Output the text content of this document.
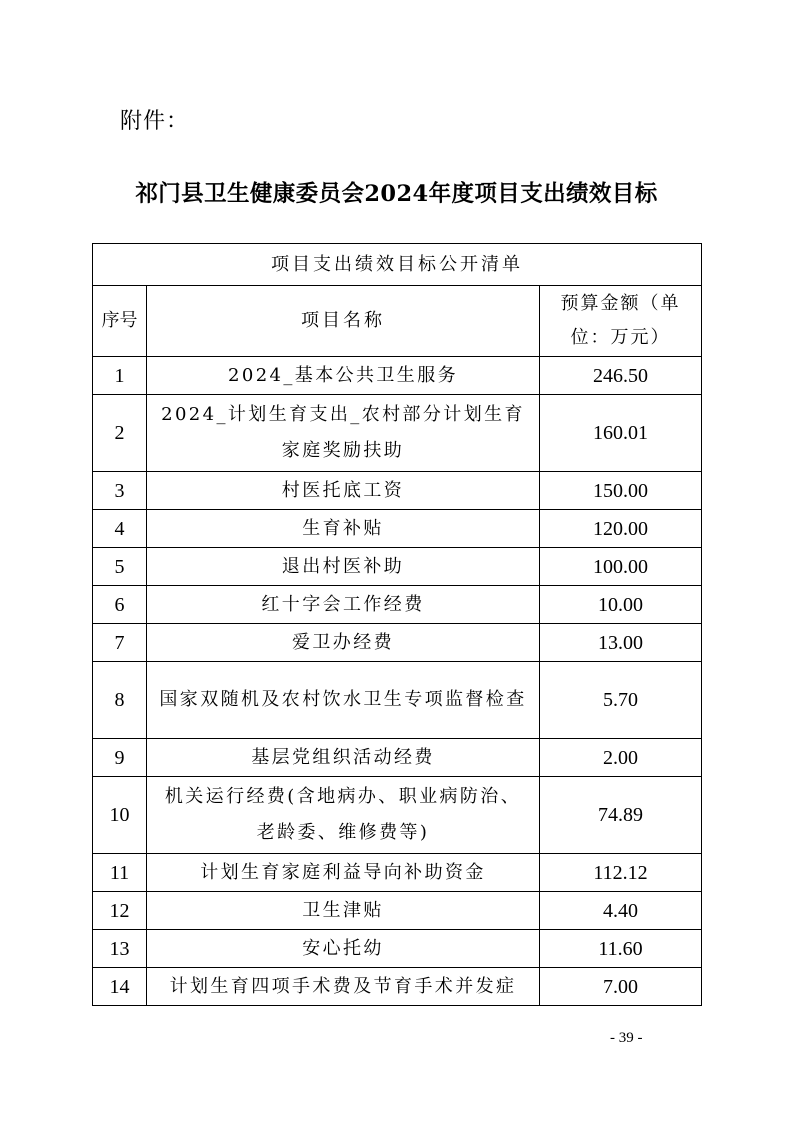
附件：
祁门县卫生健康委员会2024年度项目支出绩效目标
项目支出绩效目标公开清单		
序号	项目名称	预算金额（单位：万元）
1	2024_基本公共卫生服务	246.50
2	2024_计划生育支出_农村部分计划生育家庭奖励扶助	160.01
3	村医托底工资	150.00
4	生育补贴	120.00
5	退出村医补助	100.00
6	红十字会工作经费	10.00
7	爱卫办经费	13.00
8	国家双随机及农村饮水卫生专项监督检查	5.70
9	基层党组织活动经费	2.00
10	机关运行经费(含地病办、职业病防治、老龄委、维修费等)	74.89
11	计划生育家庭利益导向补助资金	112.12
12	卫生津贴	4.40
13	安心托幼	11.60
14	计划生育四项手术费及节育手术并发症	7.00
- 39 -
